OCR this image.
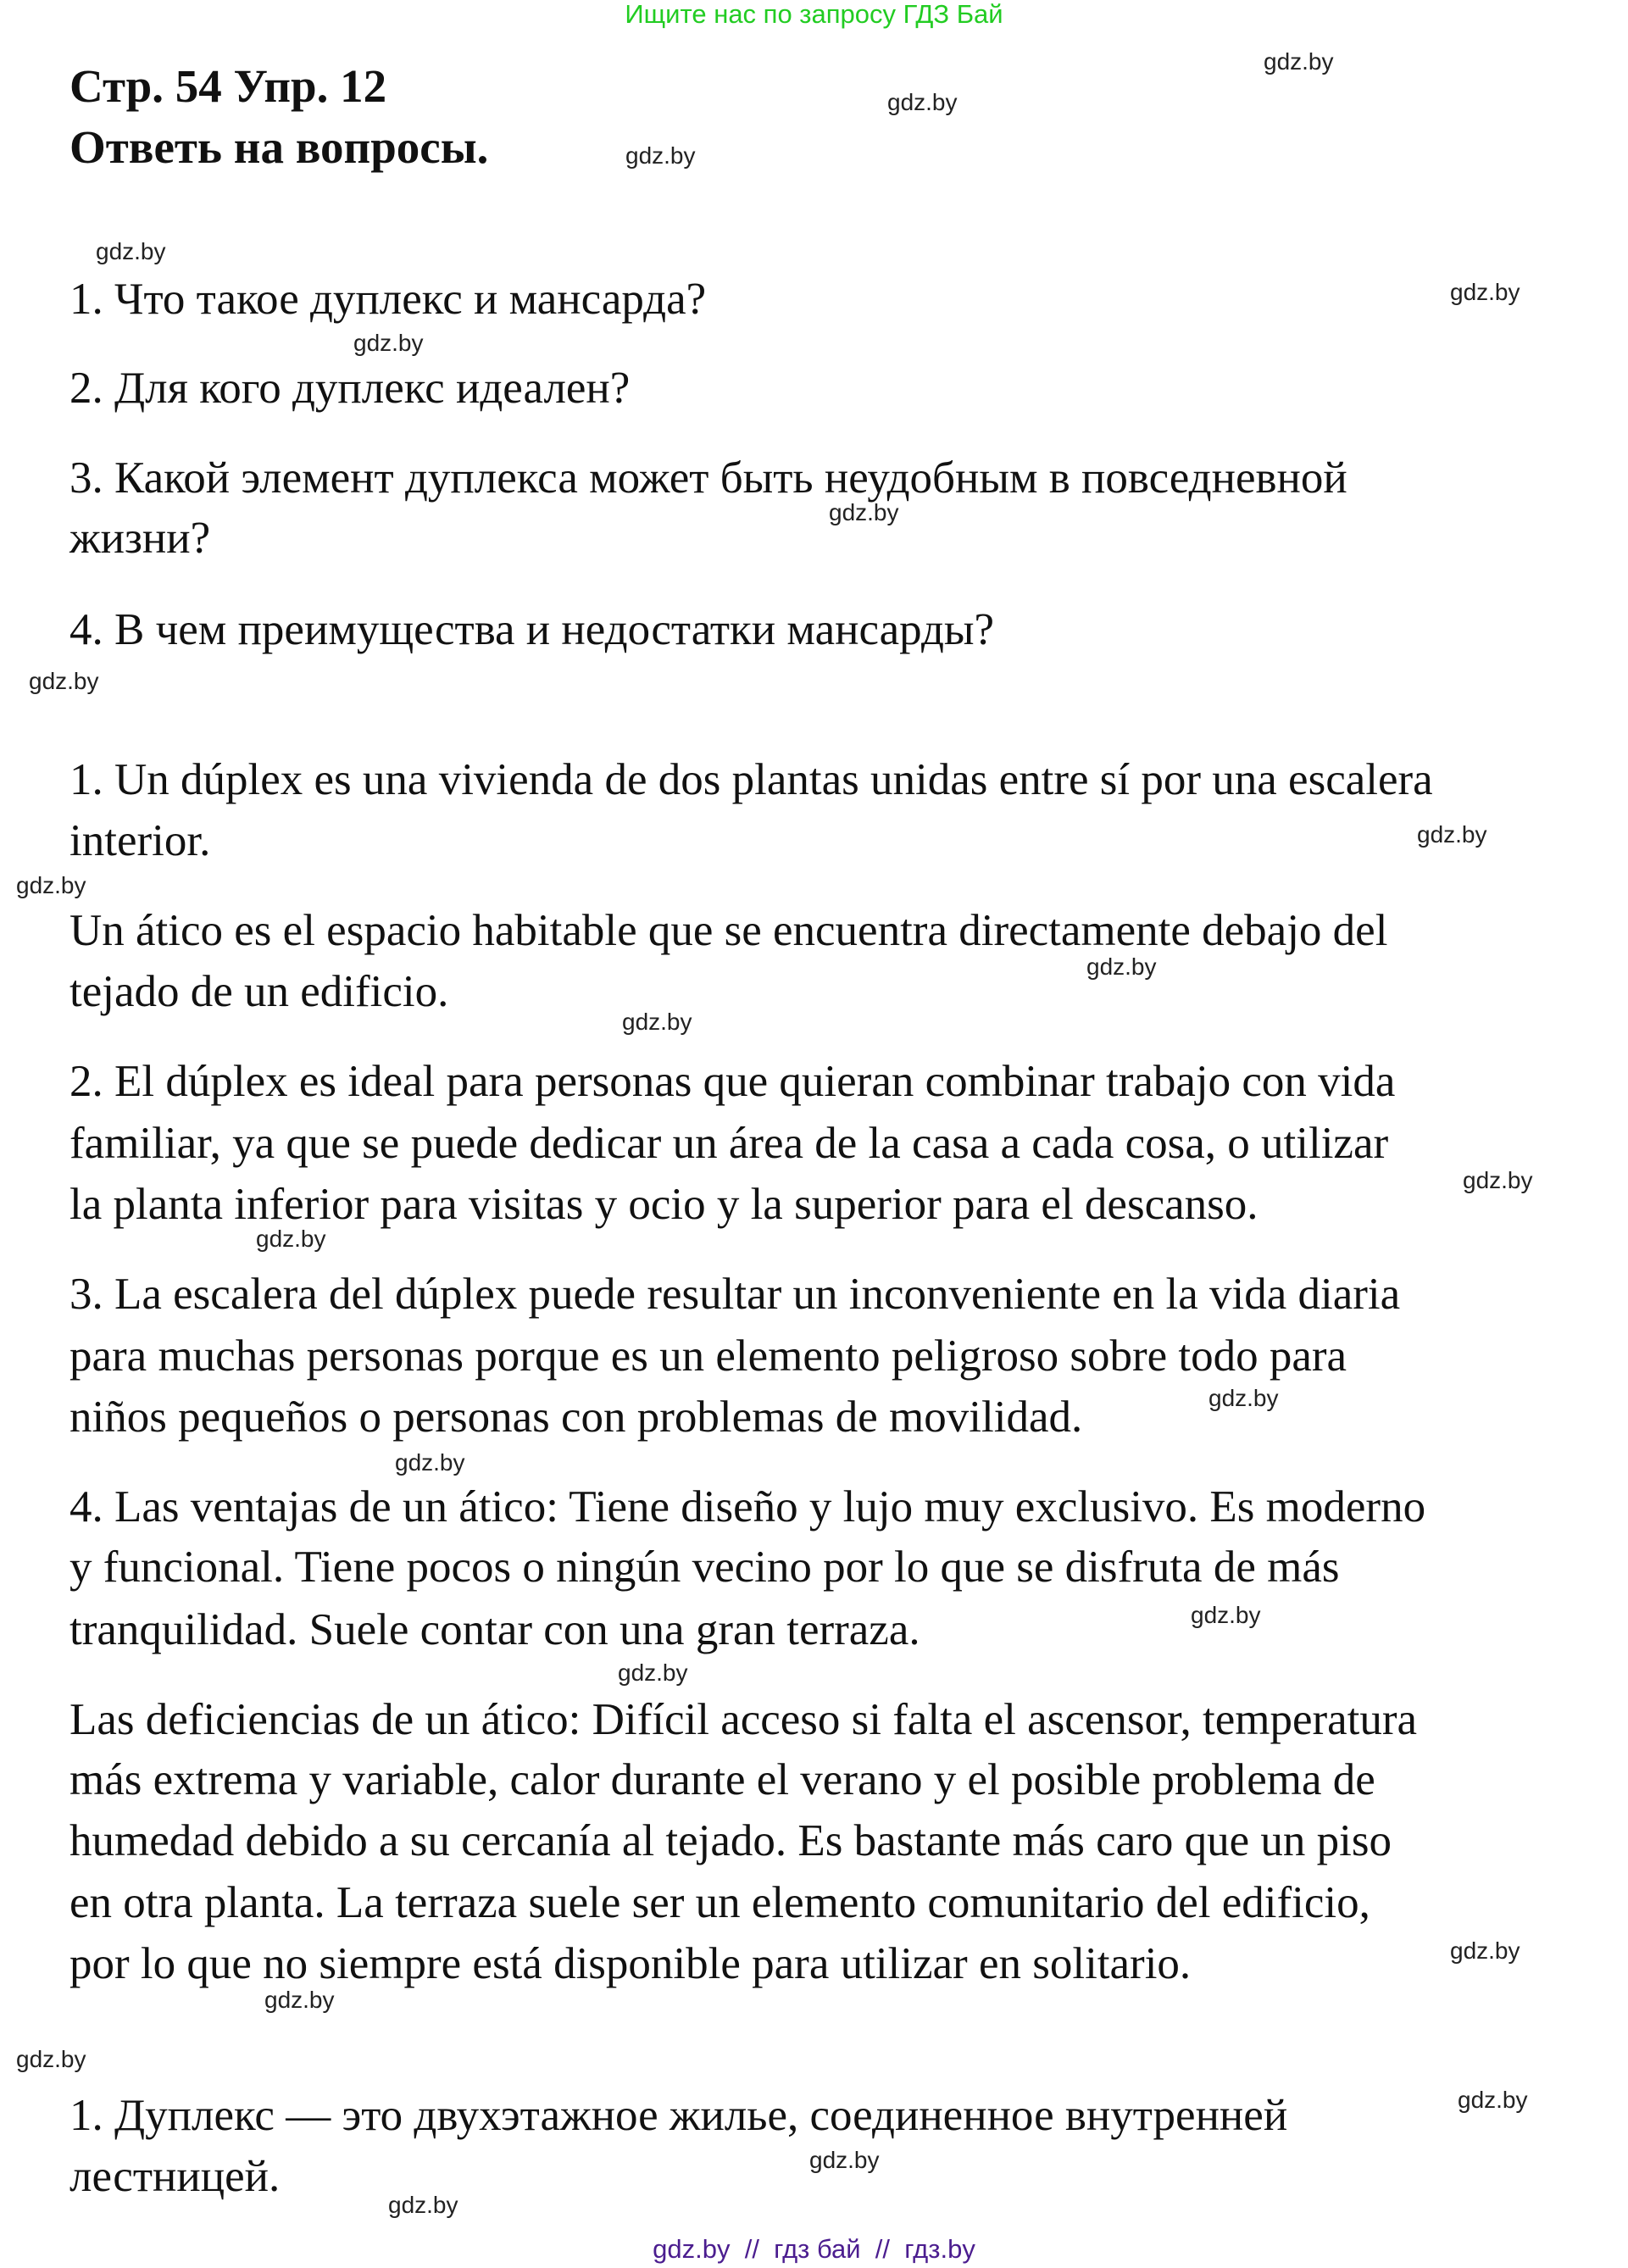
Ищите нас по запросу ГДЗ Бай
Стр. 54 Упр. 12
Ответь на вопросы.
1. Что такое дуплекс и мансарда?
2. Для кого дуплекс идеален?
3. Какой элемент дуплекса может быть неудобным в повседневной
жизни?
4. В чем преимущества и недостатки мансарды?
1. Un dúplex es una vivienda de dos plantas unidas entre sí por una escalera
interior.
Un ático es el espacio habitable que se encuentra directamente debajo del
tejado de un edificio.
2. El dúplex es ideal para personas que quieran combinar trabajo con vida
familiar, ya que se puede dedicar un área de la casa a cada cosa, o utilizar
la planta inferior para visitas y ocio y la superior para el descanso.
3. La escalera del dúplex puede resultar un inconveniente en la vida diaria
para muchas personas porque es un elemento peligroso sobre todo para
niños pequeños o personas con problemas de movilidad.
4. Las ventajas de un ático: Tiene diseño y lujo muy exclusivo. Es moderno
y funcional. Tiene pocos o ningún vecino por lo que se disfruta de más
tranquilidad. Suele contar con una gran terraza.
Las deficiencias de un ático: Difícil acceso si falta el ascensor, temperatura
más extrema y variable, calor durante el verano y el posible problema de
humedad debido a su cercanía al tejado. Es bastante más caro que un piso
en otra planta. La terraza suele ser un elemento comunitario del edificio,
por lo que no siempre está disponible para utilizar en solitario.
1. Дуплекс — это двухэтажное жилье, соединенное внутренней
лестницей.
gdz.by
gdz.by
gdz.by
gdz.by
gdz.by
gdz.by
gdz.by
gdz.by
gdz.by
gdz.by
gdz.by
gdz.by
gdz.by
gdz.by
gdz.by
gdz.by
gdz.by
gdz.by
gdz.by
gdz.by
gdz.by
gdz.by
gdz.by
gdz.by
gdz.by  //  гдз бай  //  гдз.by
